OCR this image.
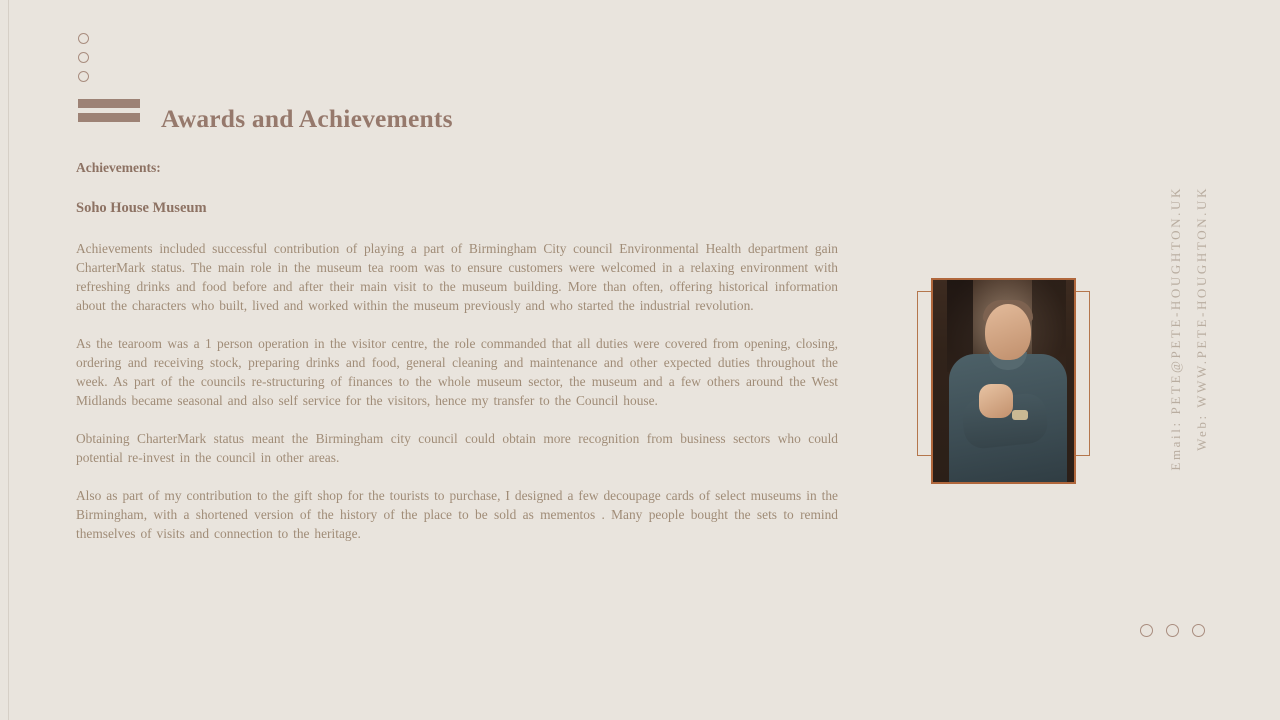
Awards and Achievements

Achievements:

Soho House Museum

Achievements included successful contribution of playing a part of Birmingham City council Environmental Health department gain CharterMark status. The main role in the museum tea room was to ensure customers were welcomed in a relaxing environment with refreshing drinks and food before and after their main visit to the museum building. More than often, offering historical information about the characters who built, lived and worked within the museum previously and who started the industrial revolution.

As the tearoom was a 1 person operation in the visitor centre, the role commanded that all duties were covered from opening, closing, ordering and receiving stock, preparing drinks and food, general cleaning and maintenance and other expected duties throughout the week. As part of the councils re-structuring of finances to the whole museum sector, the museum and a few others around the West Midlands became seasonal and also self service for the visitors, hence my transfer to the Council house.

Obtaining CharterMark status meant the Birmingham city council could obtain more recognition from business sectors who could potential re-invest in the council in other areas.

Also as part of my contribution to the gift shop for the tourists to purchase, I designed a few decoupage cards of select museums in the Birmingham, with a shortened version of the history of the place to be sold as mementos . Many people bought the sets to remind themselves of visits and connection to the heritage.

Email: PETE@PETE-HOUGHTON.UK Web: WWW.PETE-HOUGHTON.UK
